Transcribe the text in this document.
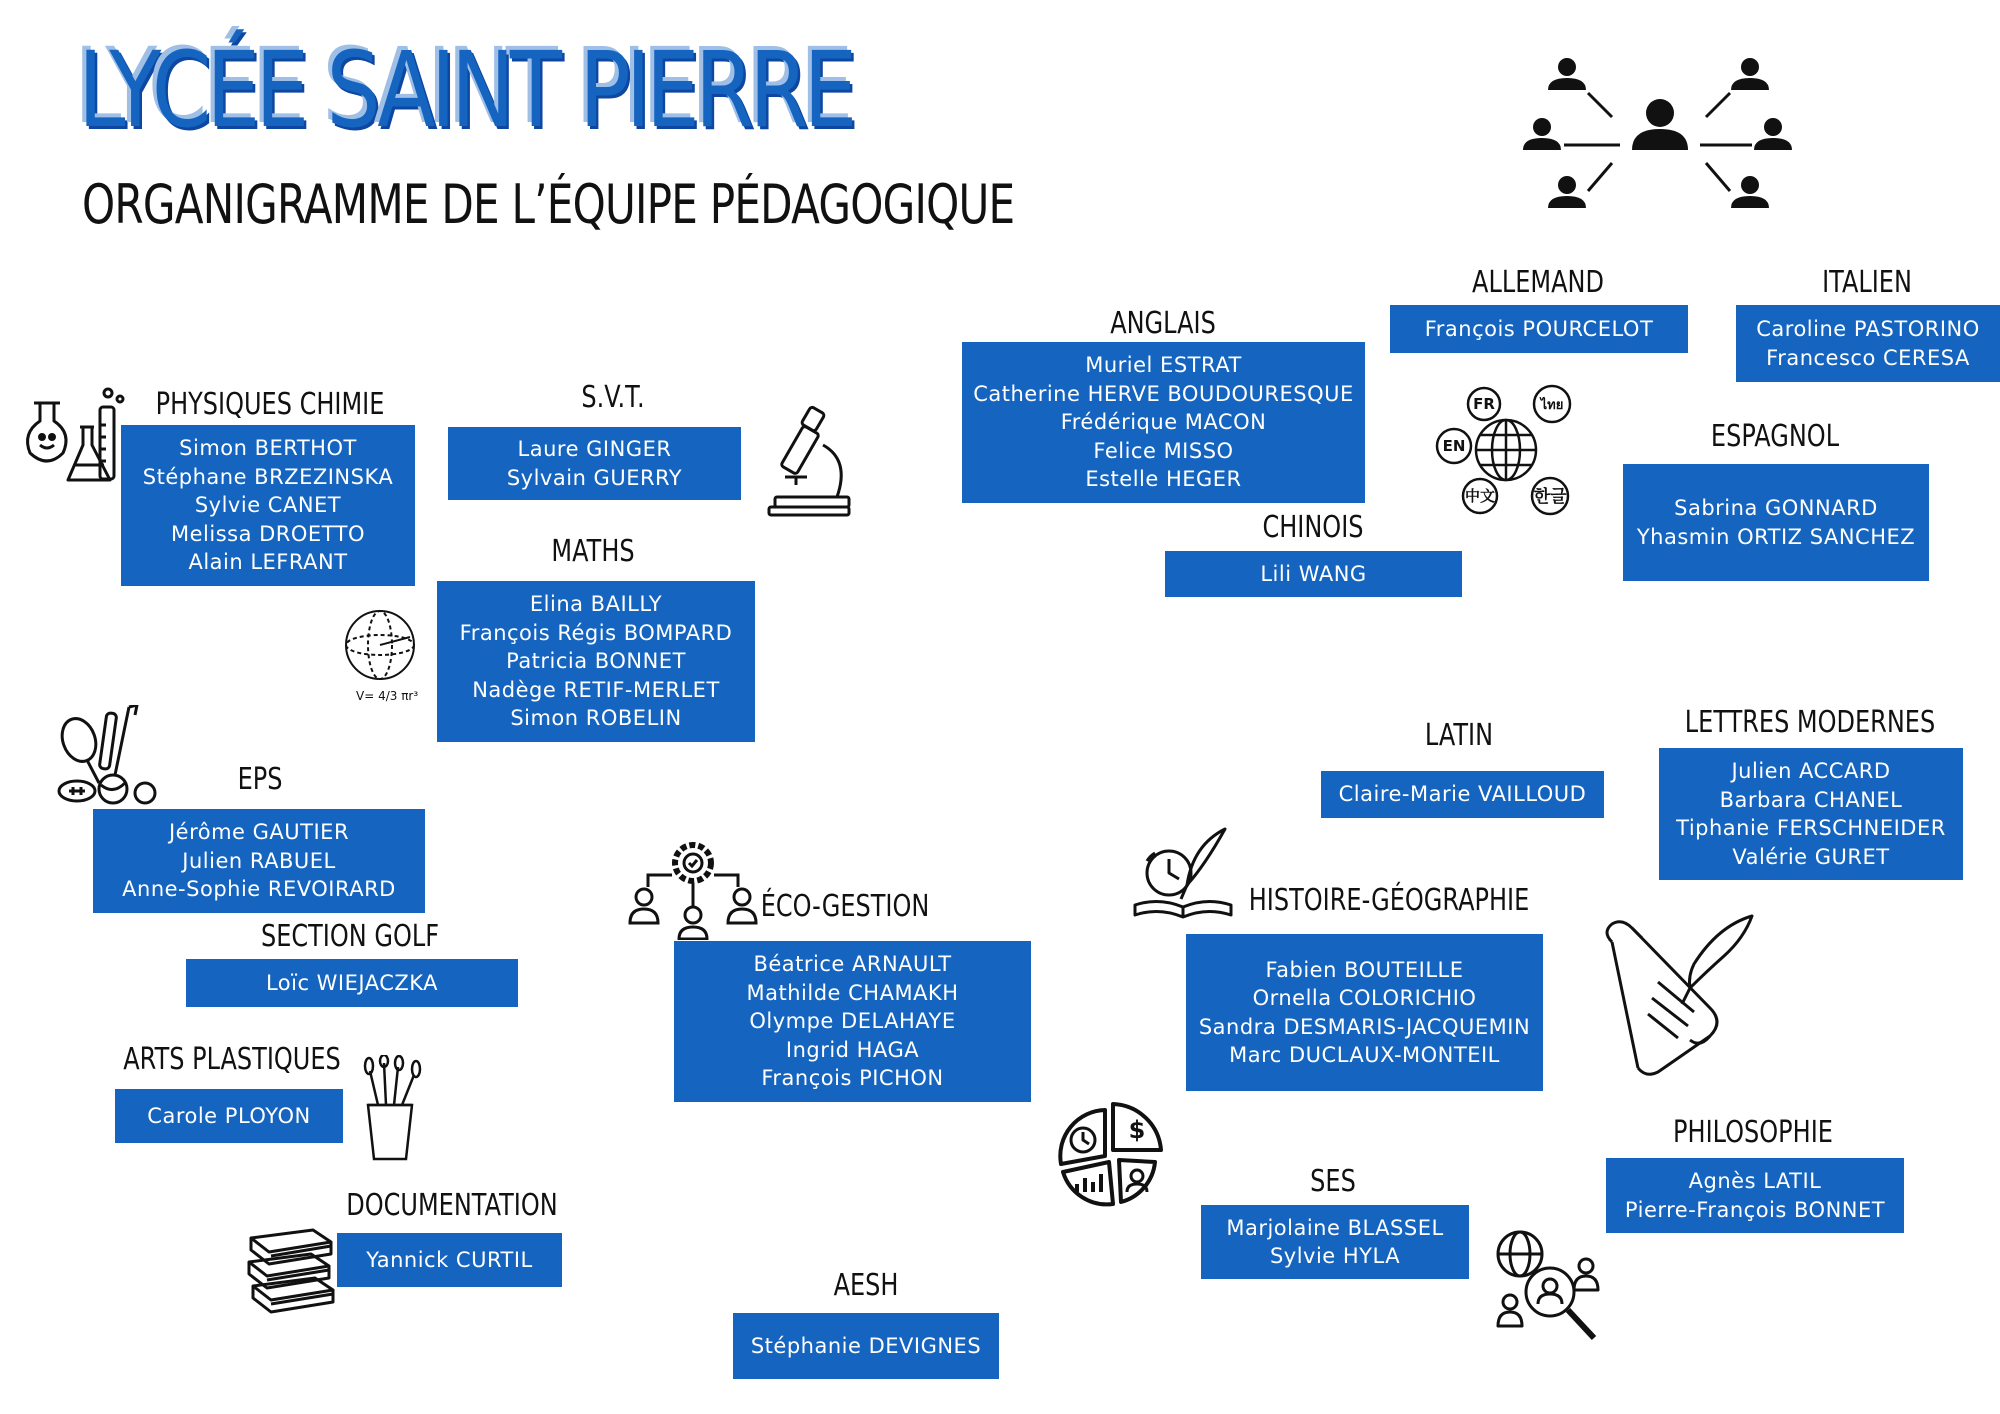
LYCÉE SAINT PIERRE
ORGANIGRAMME DE L’ÉQUIPE PÉDAGOGIQUE
PHYSIQUES CHIMIE
Simon BERTHOT
Stéphane BRZEZINSKA
Sylvie CANET
Melissa DROETTO
Alain LEFRANT
S.V.T.
Laure GINGER
Sylvain GUERRY
MATHS
Elina BAILLY
François Régis BOMPARD
Patricia BONNET
Nadège RETIF-MERLET
Simon ROBELIN
V= 4/3 πr³
ANGLAIS
Muriel ESTRAT
Catherine HERVE BOUDOURESQUE
Frédérique MACON
Felice MISSO
Estelle HEGER
ALLEMAND
François POURCELOT
ITALIEN
Caroline PASTORINO
Francesco CERESA
FR	ไทย
EN
中文 한글
ESPAGNOL
Sabrina GONNARD
Yhasmin ORTIZ SANCHEZ
CHINOIS
Lili WANG
EPS
Jérôme GAUTIER
Julien RABUEL
Anne-Sophie REVOIRARD
SECTION GOLF
Loïc WIEJACZKA
ARTS PLASTIQUES
Carole PLOYON
DOCUMENTATION
Yannick CURTIL
ÉCO-GESTION
Béatrice ARNAULT
Mathilde CHAMAKH
Olympe DELAHAYE
Ingrid HAGA
François PICHON
AESH
Stéphanie DEVIGNES
LATIN
Claire-Marie VAILLOUD
LETTRES MODERNES
Julien ACCARD
Barbara CHANEL
Tiphanie FERSCHNEIDER
Valérie GURET
HISTOIRE-GÉOGRAPHIE
Fabien BOUTEILLE
Ornella COLORICHIO
Sandra DESMARIS-JACQUEMIN
Marc DUCLAUX-MONTEIL
PHILOSOPHIE
Agnès LATIL
Pierre-François BONNET
SES
Marjolaine BLASSEL
Sylvie HYLA
$
